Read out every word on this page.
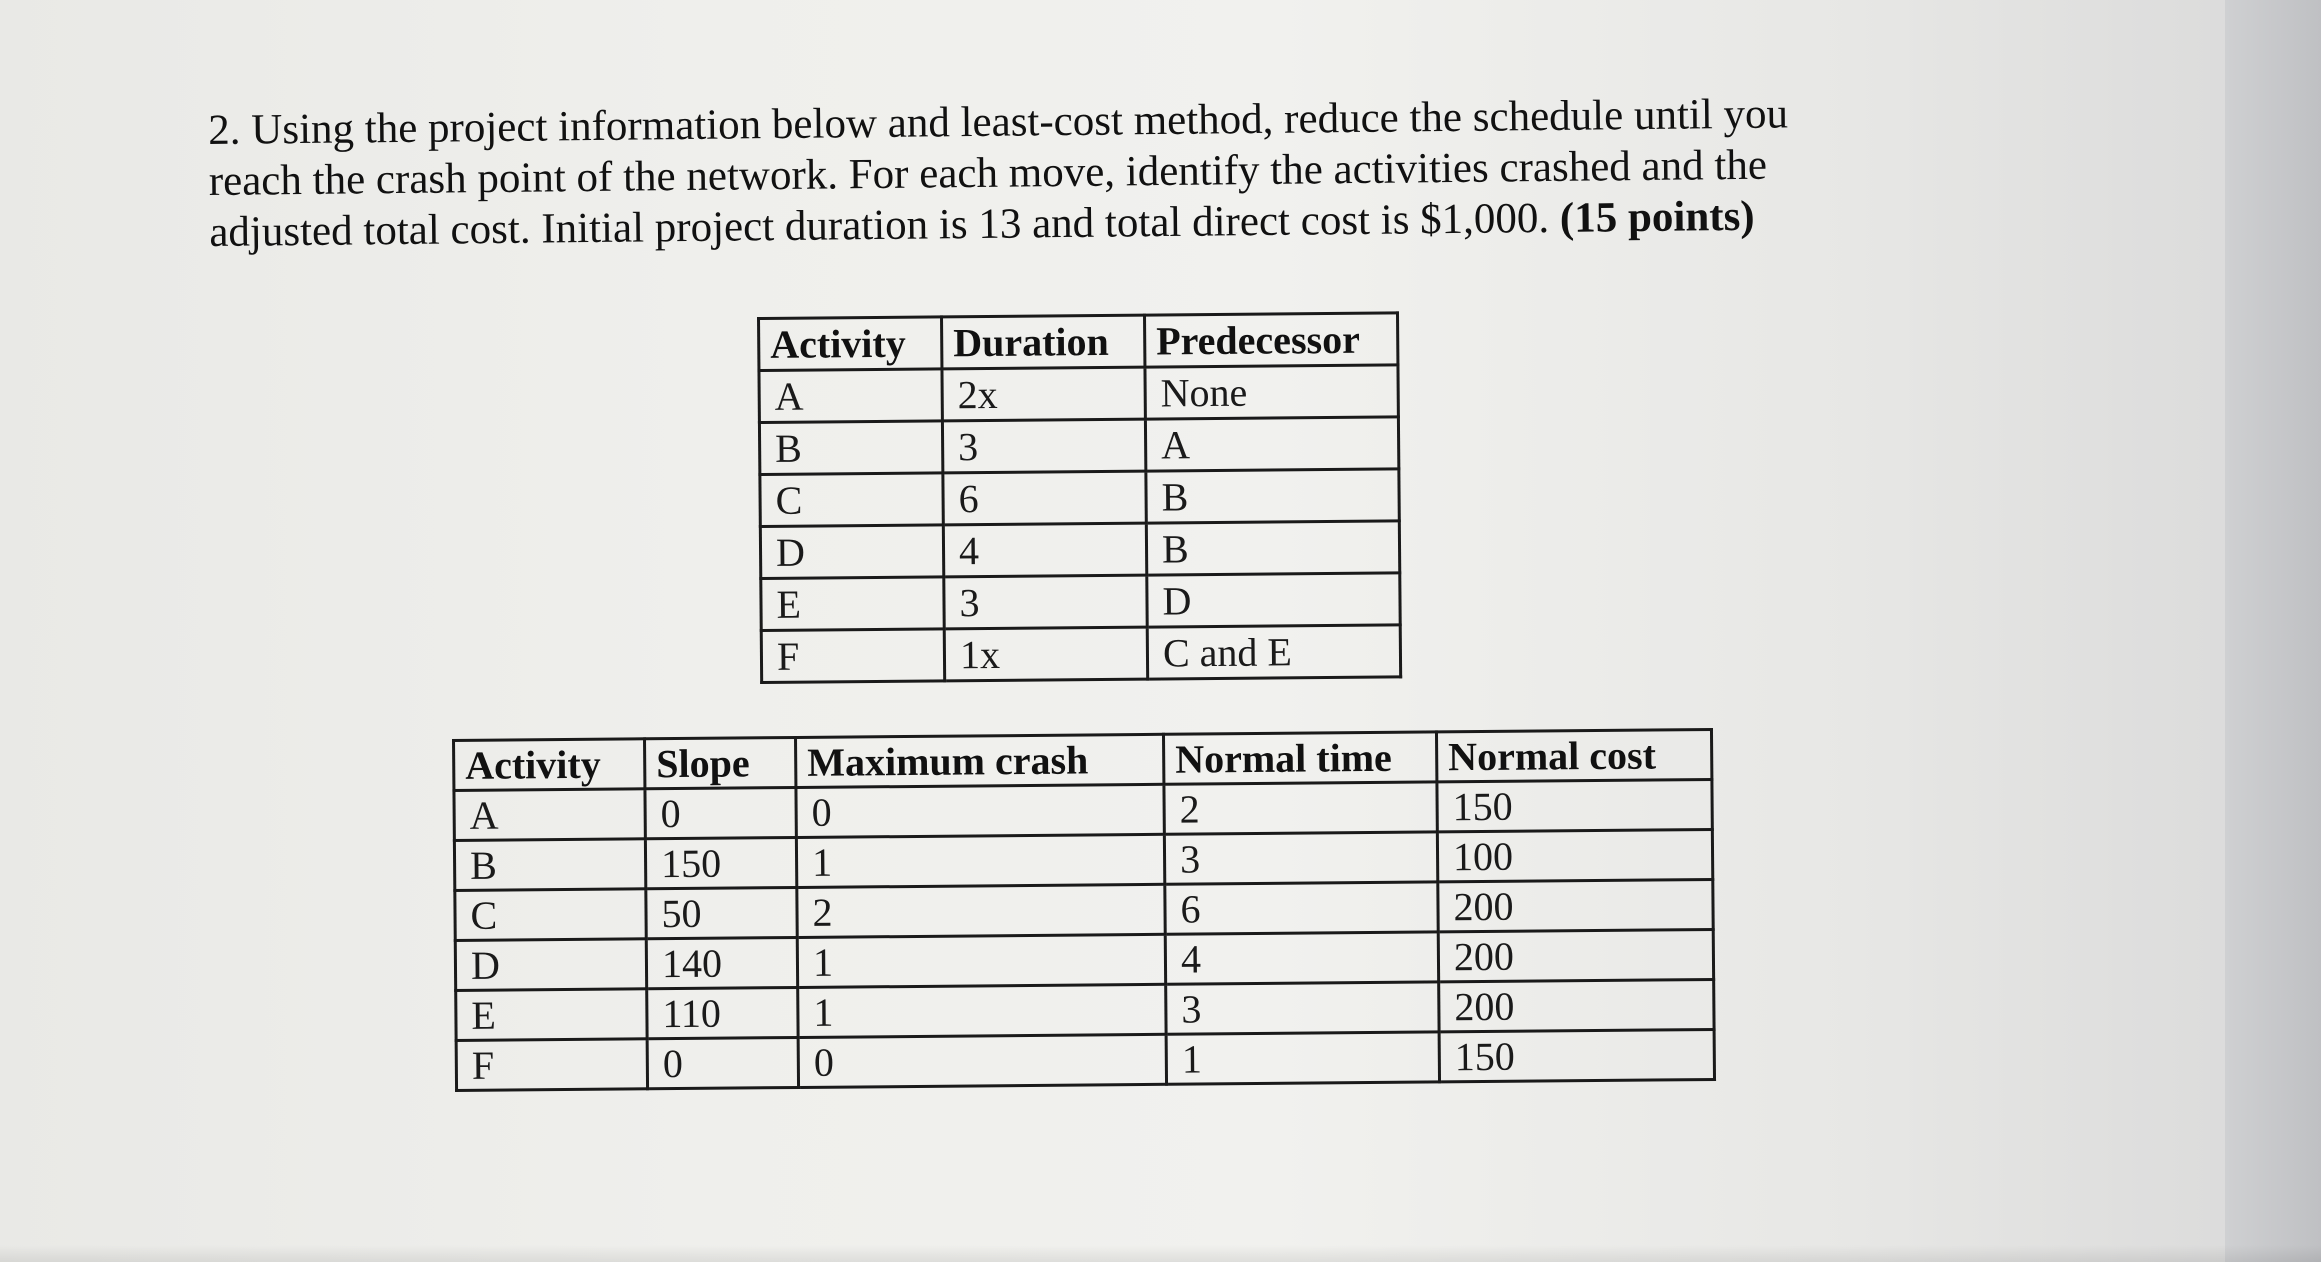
2. Using the project information below and least-cost method, reduce the schedule until you

reach the crash point of the network. For each move, identify the activities crashed and the

adjusted total cost. Initial project duration is 13 and total direct cost is $1,000. (15 points)

Activity	Duration	Predecessor
A	2x	None
B	3	A
C	6	B
D	4	B
E	3	D
F	1x	C and E
Activity	Slope	Maximum crash	Normal time	Normal cost
A	0	0	2	150
B	150	1	3	100
C	50	2	6	200
D	140	1	4	200
E	110	1	3	200
F	0	0	1	150
